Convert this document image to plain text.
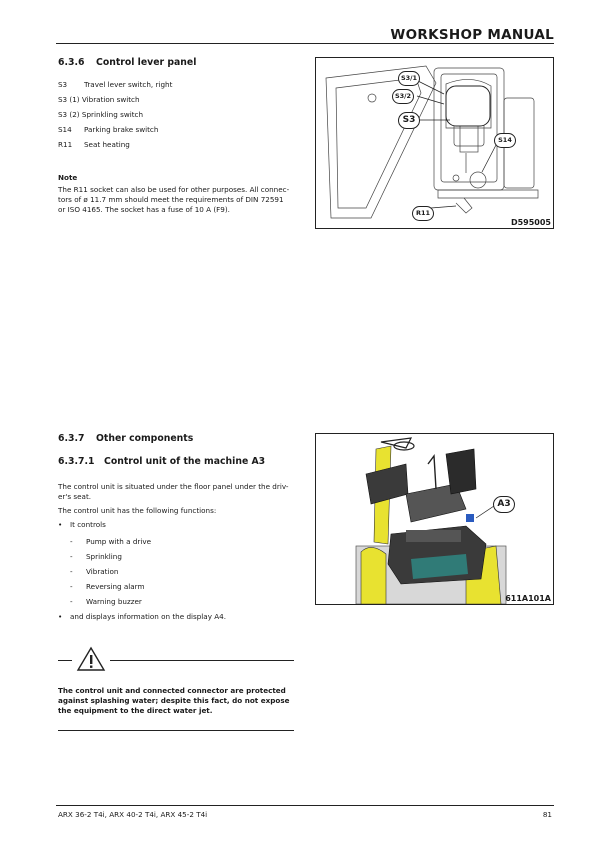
WORKSHOP MANUAL
6.3.6 Control lever panel
S3 Travel lever switch, right
S3 (1) Vibration switch
S3 (2) Sprinkling switch
S14 Parking brake switch
R11 Seat heating
Note
The R11 socket can also be used for other purposes. All connec-
tors of ø 11.7 mm should meet the requirements of DIN 72591
or ISO 4165. The socket has a fuse of 10 A (F9).
S3/1
S3/2
S3
S14
R11
D595005
6.3.7 Other components
6.3.7.1 Control unit of the machine A3
The control unit is situated under the floor panel under the driv-
er's seat.
The control unit has the following functions:
• It controls
- Pump with a drive
- Sprinkling
- Vibration
- Reversing alarm
- Warning buzzer
• and displays information on the display A4.
A3
611A101A
The control unit and connected connector are protected
against splashing water; despite this fact, do not expose
the equipment to the direct water jet.
ARX 36-2 T4i, ARX 40-2 T4i, ARX 45-2 T4i	81
